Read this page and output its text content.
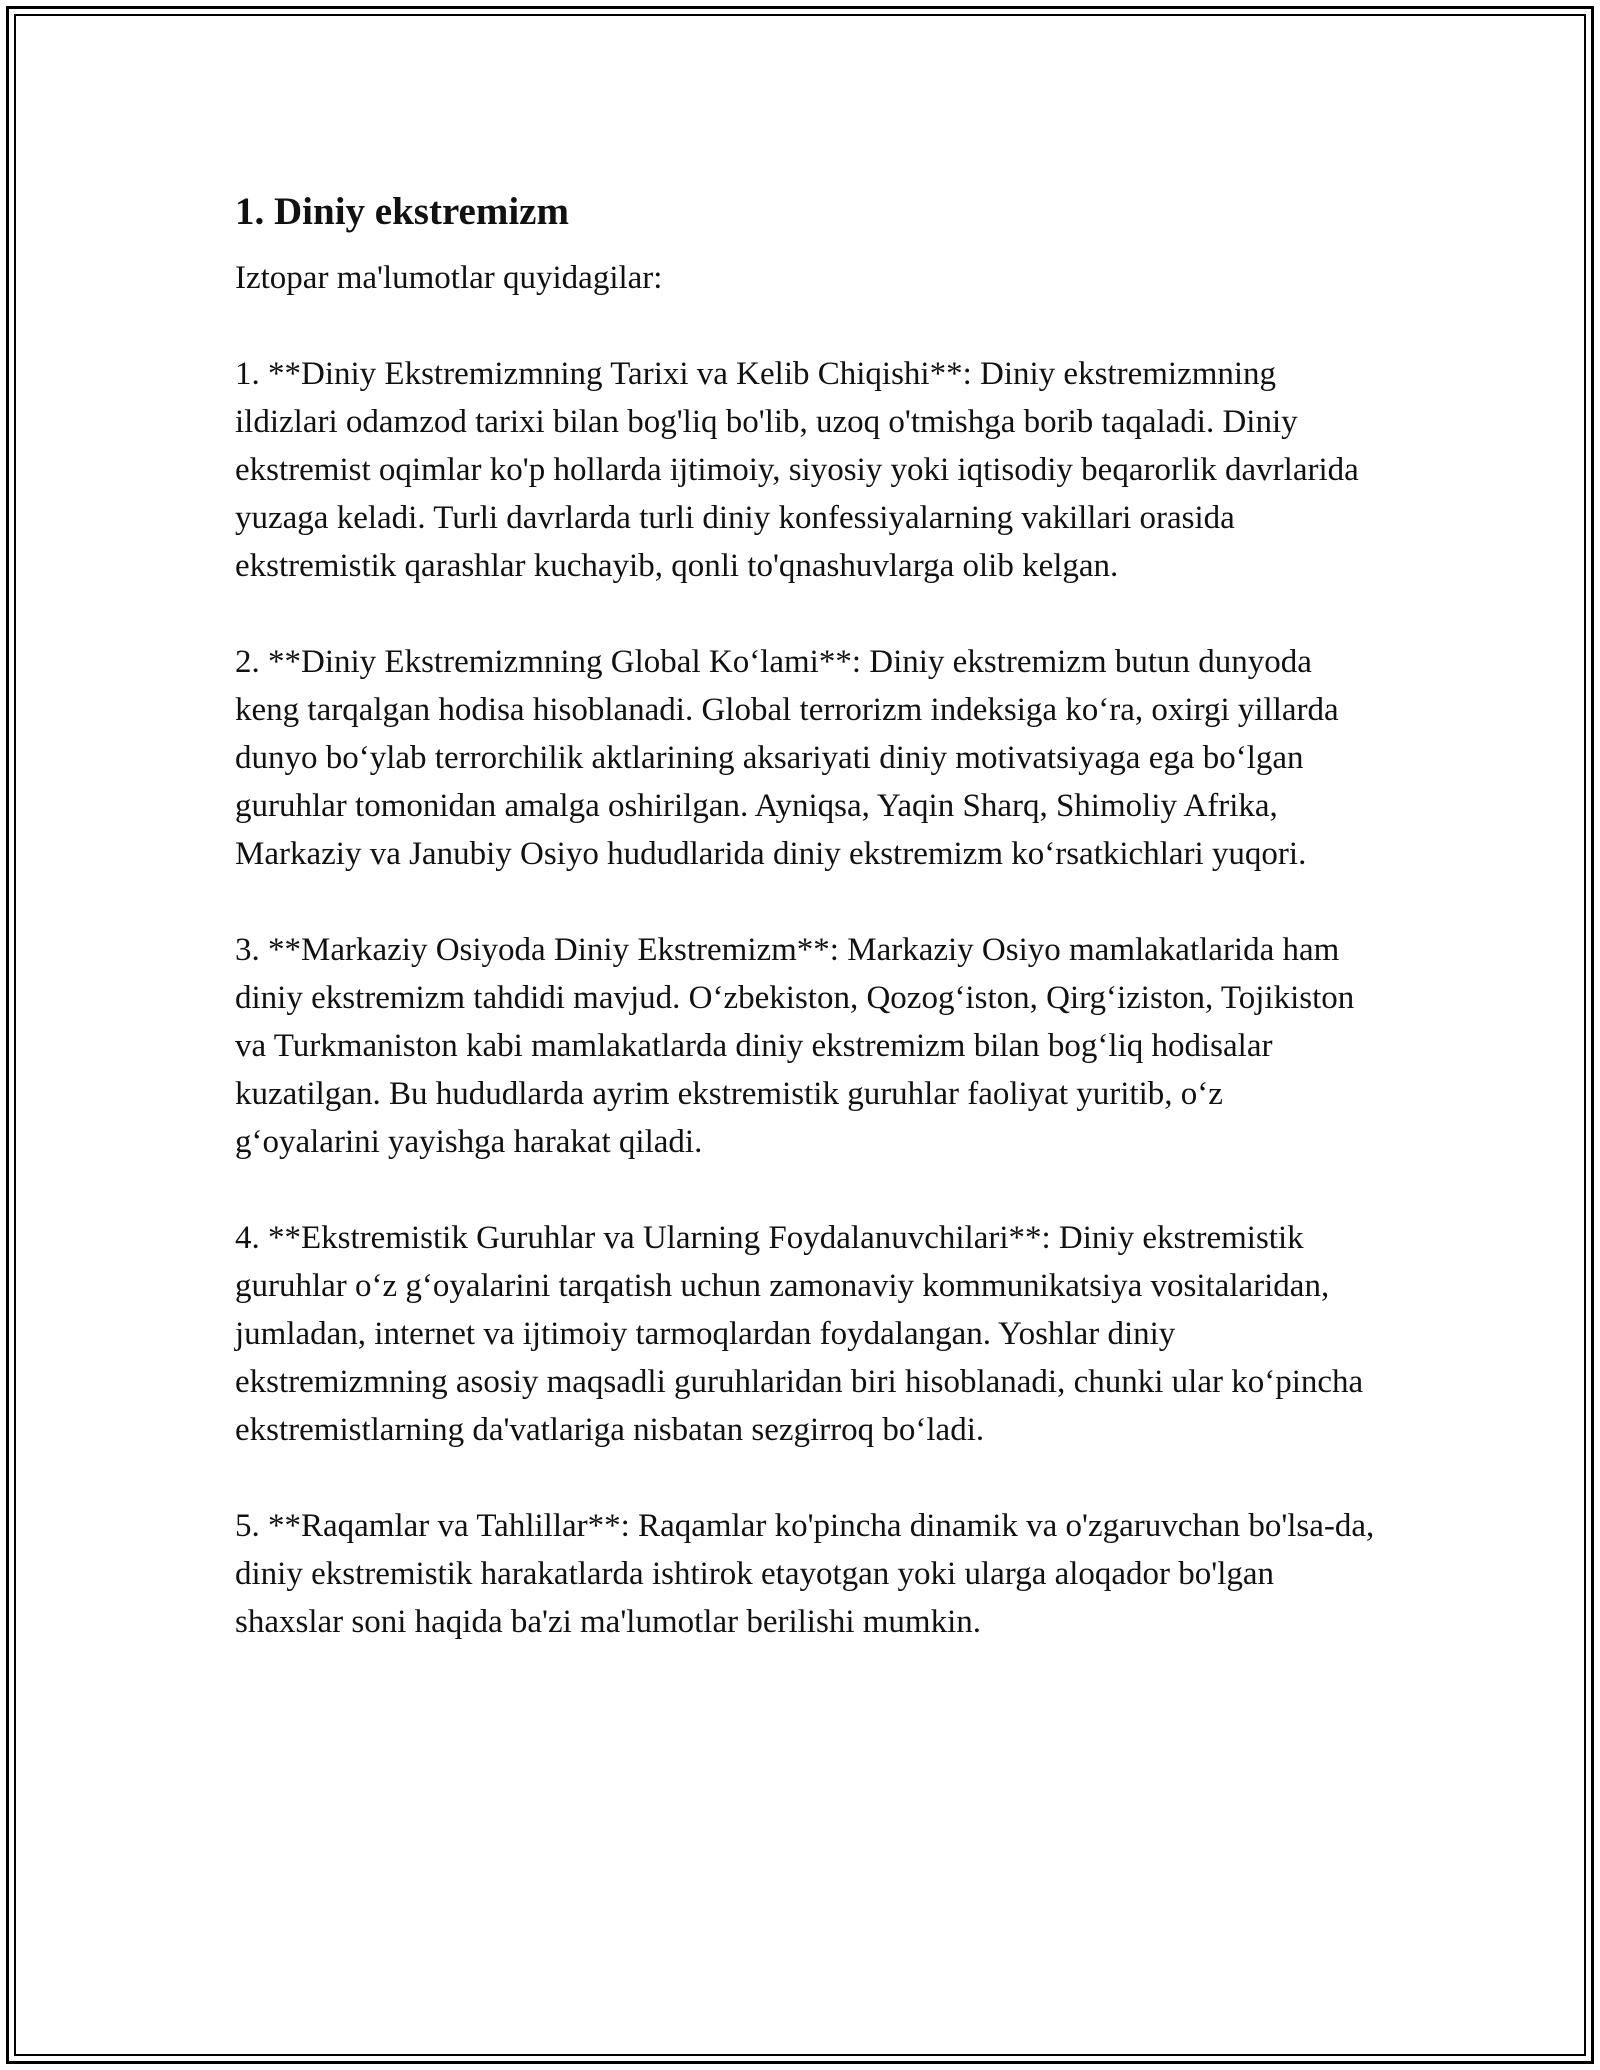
1. Diniy ekstremizm

Iztopar ma'lumotlar quyidagilar:

1. **Diniy Ekstremizmning Tarixi va Kelib Chiqishi**: Diniy ekstremizmning ildizlari odamzod tarixi bilan bog'liq bo'lib, uzoq o'tmishga borib taqaladi. Diniy ekstremist oqimlar ko'p hollarda ijtimoiy, siyosiy yoki iqtisodiy beqarorlik davrlarida yuzaga keladi. Turli davrlarda turli diniy konfessiyalarning vakillari orasida ekstremistik qarashlar kuchayib, qonli to'qnashuvlarga olib kelgan.

2. **Diniy Ekstremizmning Global Koʻlami**: Diniy ekstremizm butun dunyoda keng tarqalgan hodisa hisoblanadi. Global terrorizm indeksiga koʻra, oxirgi yillarda dunyo boʻylab terrorchilik aktlarining aksariyati diniy motivatsiyaga ega boʻlgan guruhlar tomonidan amalga oshirilgan. Ayniqsa, Yaqin Sharq, Shimoliy Afrika, Markaziy va Janubiy Osiyo hududlarida diniy ekstremizm koʻrsatkichlari yuqori.

3. **Markaziy Osiyoda Diniy Ekstremizm**: Markaziy Osiyo mamlakatlarida ham diniy ekstremizm tahdidi mavjud. Oʻzbekiston, Qozogʻiston, Qirgʻiziston, Tojikiston va Turkmaniston kabi mamlakatlarda diniy ekstremizm bilan bogʻliq hodisalar kuzatilgan. Bu hududlarda ayrim ekstremistik guruhlar faoliyat yuritib, oʻz gʻoyalarini yayishga harakat qiladi.

4. **Ekstremistik Guruhlar va Ularning Foydalanuvchilari**: Diniy ekstremistik guruhlar oʻz gʻoyalarini tarqatish uchun zamonaviy kommunikatsiya vositalaridan, jumladan, internet va ijtimoiy tarmoqlardan foydalangan. Yoshlar diniy ekstremizmning asosiy maqsadli guruhlaridan biri hisoblanadi, chunki ular koʻpincha ekstremistlarning da'vatlariga nisbatan sezgirroq boʻladi.

5. **Raqamlar va Tahlillar**: Raqamlar ko'pincha dinamik va o'zgaruvchan bo'lsa-da, diniy ekstremistik harakatlarda ishtirok etayotgan yoki ularga aloqador bo'lgan shaxslar soni haqida ba'zi ma'lumotlar berilishi mumkin.
